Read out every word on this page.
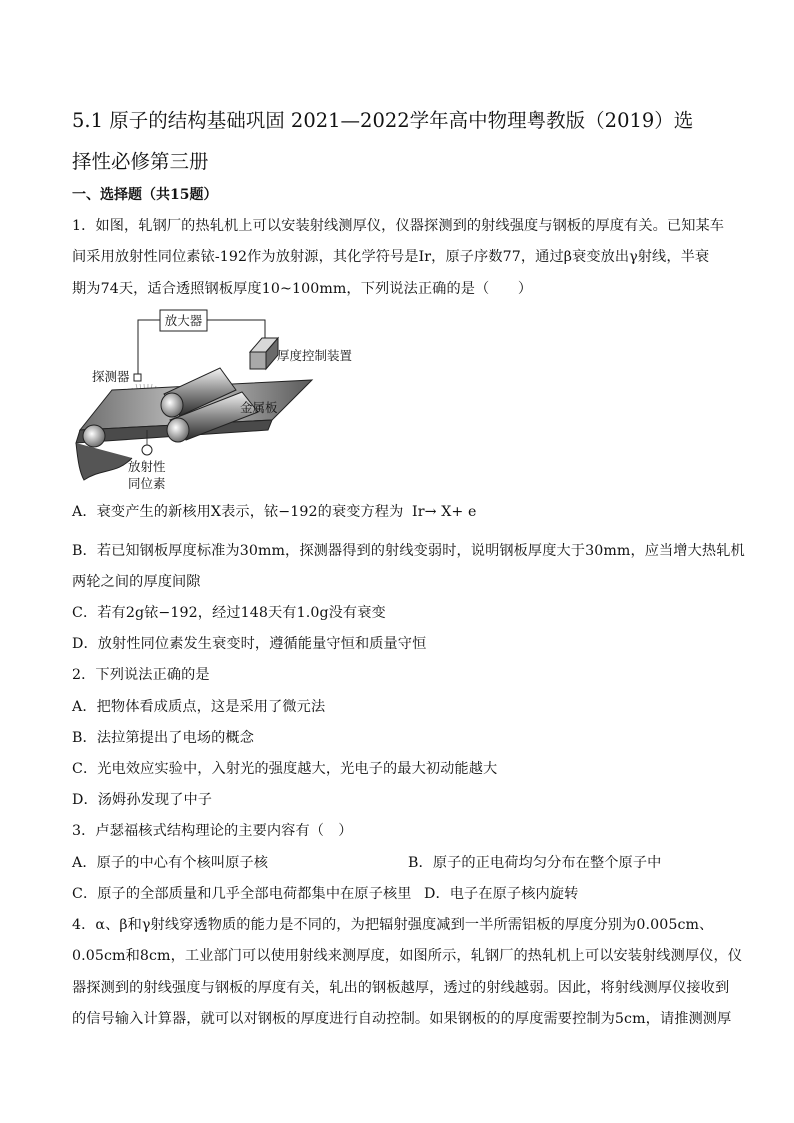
5.1 原子的结构基础巩固 2021—2022学年高中物理粤教版（2019）选
择性必修第三册
一、选择题（共15题）
1．如图，轧钢厂的热轧机上可以安装射线测厚仪，仪器探测到的射线强度与钢板的厚度有关。已知某车
间采用放射性同位素铱-192作为放射源，其化学符号是Ir，原子序数77，通过β衰变放出γ射线，半衰
期为74天，适合透照钢板厚度10~100mm，下列说法正确的是（　　）
放大器
厚度控制装置
探测器
金属板
放射性
同位素
A．衰变产生的新核用X表示，铱−192的衰变方程为 Ir→ X+ e
B．若已知钢板厚度标准为30mm，探测器得到的射线变弱时，说明钢板厚度大于30mm，应当增大热轧机
两轮之间的厚度间隙
C．若有2g铱−192，经过148天有1.0g没有衰变
D．放射性同位素发生衰变时，遵循能量守恒和质量守恒
2．下列说法正确的是
A．把物体看成质点，这是采用了微元法
B．法拉第提出了电场的概念
C．光电效应实验中，入射光的强度越大，光电子的最大初动能越大
D．汤姆孙发现了中子
3．卢瑟福核式结构理论的主要内容有（　）
A．原子的中心有个核叫原子核	B．原子的正电荷均匀分布在整个原子中
C．原子的全部质量和几乎全部电荷都集中在原子核里 D．电子在原子核内旋转
4．α、β和γ射线穿透物质的能力是不同的，为把辐射强度减到一半所需铝板的厚度分别为0.005cm、
0.05cm和8cm，工业部门可以使用射线来测厚度，如图所示，轧钢厂的热轧机上可以安装射线测厚仪，仪
器探测到的射线强度与钢板的厚度有关，轧出的钢板越厚，透过的射线越弱。因此，将射线测厚仪接收到
的信号输入计算器，就可以对钢板的厚度进行自动控制。如果钢板的的厚度需要控制为5cm，请推测测厚
